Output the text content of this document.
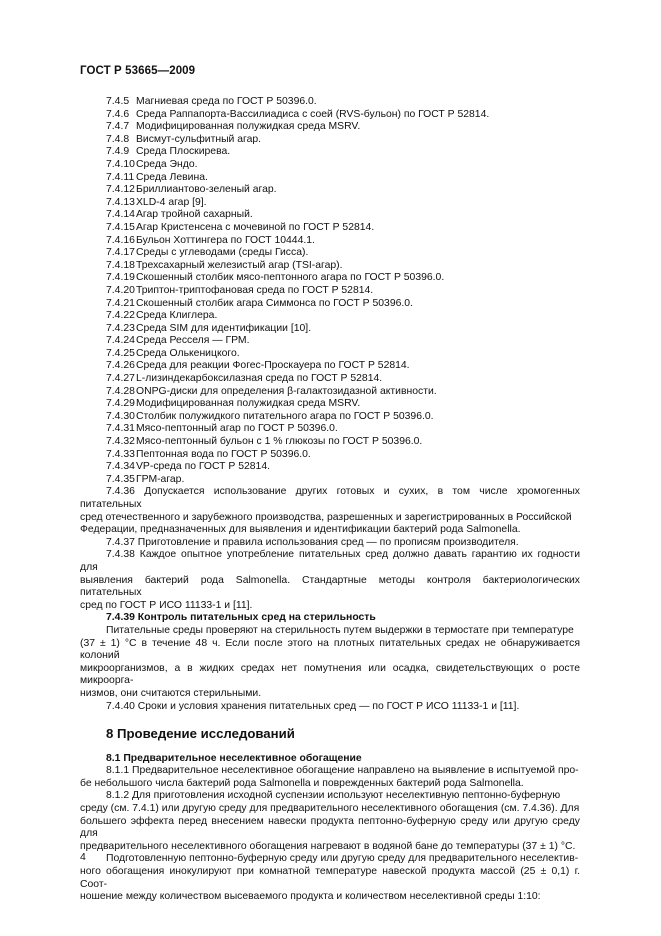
ГОСТ Р 53665—2009
7.4.5 Магниевая среда по ГОСТ Р 50396.0.
7.4.6 Среда Раппапорта-Вассилиадиса с соей (RVS-бульон) по ГОСТ Р 52814.
7.4.7 Модифицированная полужидкая среда MSRV.
7.4.8 Висмут-сульфитный агар.
7.4.9 Среда Плоскирева.
7.4.10Среда Эндо.
7.4.11 Среда Левина.
7.4.12Бриллиантово-зеленый агар.
7.4.13XLD-4 агар [9].
7.4.14Агар тройной сахарный.
7.4.15Агар Кристенсена с мочевиной по ГОСТ Р 52814.
7.4.16Бульон Хоттингера по ГОСТ 10444.1.
7.4.17Среды с углеводами (среды Гисса).
7.4.18Трехсахарный железистый агар (TSI-агар).
7.4.19Скошенный столбик мясо-пептонного агара по ГОСТ Р 50396.0.
7.4.20Триптон-триптофановая среда по ГОСТ Р 52814.
7.4.21Скошенный столбик агара Симмонса по ГОСТ Р 50396.0.
7.4.22Среда Клиглера.
7.4.23Среда SIM для идентификации [10].
7.4.24Среда Ресселя — ГРМ.
7.4.25Среда Олькеницкого.
7.4.26Среда для реакции Фогес-Проскауера по ГОСТ Р 52814.
7.4.27L-лизиндекарбоксилазная среда по ГОСТ Р 52814.
7.4.28ONPG-диски для определения β-галактозидазной активности.
7.4.29Модифицированная полужидкая среда MSRV.
7.4.30Столбик полужидкого питательного агара по ГОСТ Р 50396.0.
7.4.31Мясо-пептонный агар по ГОСТ Р 50396.0.
7.4.32Мясо-пептонный бульон с 1 % глюкозы по ГОСТ Р 50396.0.
7.4.33Пептонная вода по ГОСТ Р 50396.0.
7.4.34VP-среда по ГОСТ Р 52814.
7.4.35ГРМ-агар.
7.4.36 Допускается использование других готовых и сухих, в том числе хромогенных питательных
сред отечественного и зарубежного производства, разрешенных и зарегистрированных в Российской
Федерации, предназначенных для выявления и идентификации бактерий рода Salmonella.
7.4.37 Приготовление и правила использования сред — по прописям производителя.
7.4.38 Каждое опытное употребление питательных сред должно давать гарантию их годности для
выявления бактерий рода Salmonella. Стандартные методы контроля бактериологических питательных
сред по ГОСТ Р ИСО 11133-1 и [11].
7.4.39 Контроль питательных сред на стерильность
Питательные среды проверяют на стерильность путем выдержки в термостате при температуре
(37 ± 1) °С в течение 48 ч. Если после этого на плотных питательных средах не обнаруживается колоний
микроорганизмов, а в жидких средах нет помутнения или осадка, свидетельствующих о росте микроорга-
низмов, они считаются стерильными.
7.4.40 Сроки и условия хранения питательных сред — по ГОСТ Р ИСО 11133-1 и [11].
8 Проведение исследований
8.1 Предварительное неселективное обогащение
8.1.1 Предварительное неселективное обогащение направлено на выявление в испытуемой про-
бе небольшого числа бактерий рода Salmonella и поврежденных бактерий рода Salmonella.
8.1.2 Для приготовления исходной суспензии используют неселективную пептонно-буферную
среду (см. 7.4.1) или другую среду для предварительного неселективного обогащения (см. 7.4.36). Для
большего эффекта перед внесением навески продукта пептонно-буферную среду или другую среду для
предварительного неселективного обогащения нагревают в водяной бане до температуры (37 ± 1) °С.
Подготовленную пептонно-буферную среду или другую среду для предварительного неселектив-
ного обогащения инокулируют при комнатной температуре навеской продукта массой (25 ± 0,1) г. Соот-
ношение между количеством высеваемого продукта и количеством неселективной среды 1:10:
4
